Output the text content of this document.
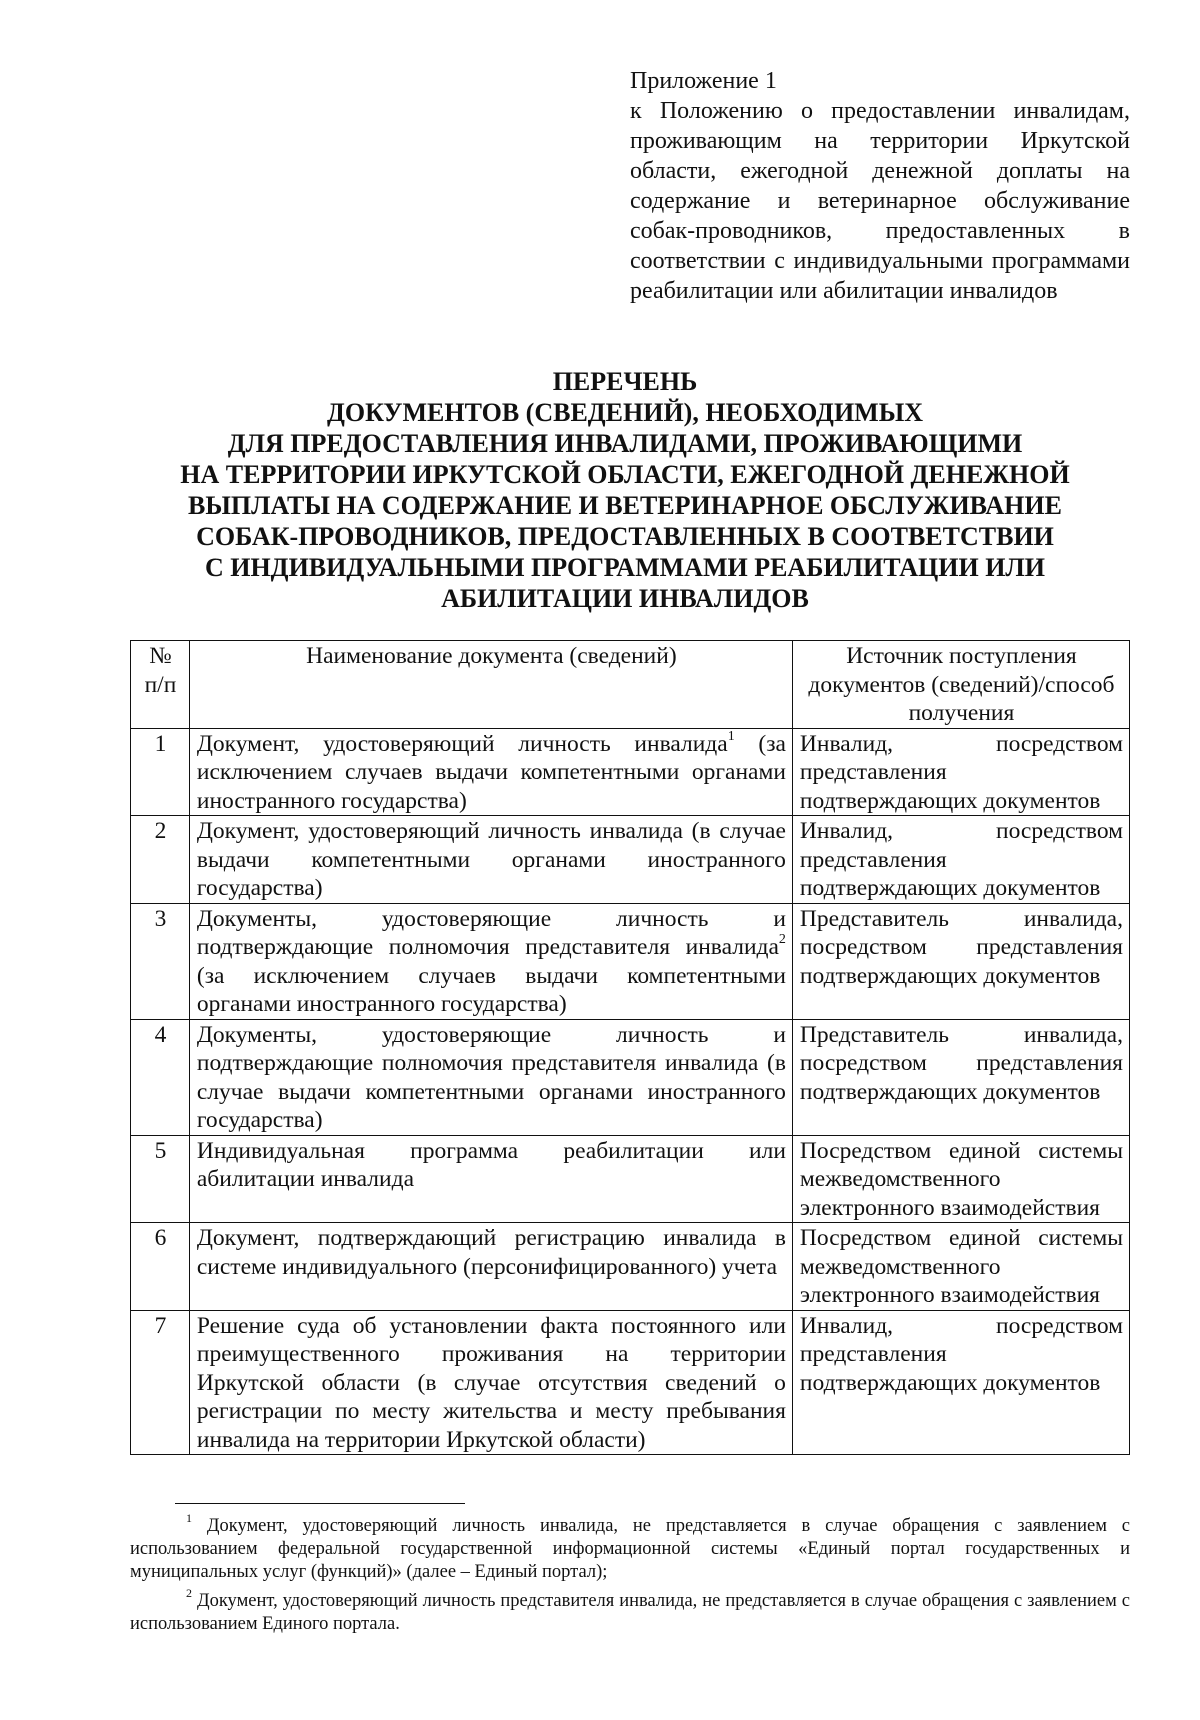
Приложение 1
к Положению о предоставлении инвалидам, проживающим на территории Иркутской области, ежегодной денежной доплаты на содержание и ветеринарное обслуживание собак-проводников, предоставленных в соответствии с индивидуальными программами реабилитации или абилитации инвалидов
ПЕРЕЧЕНЬ
ДОКУМЕНТОВ (СВЕДЕНИЙ), НЕОБХОДИМЫХ
ДЛЯ ПРЕДОСТАВЛЕНИЯ ИНВАЛИДАМИ, ПРОЖИВАЮЩИМИ
НА ТЕРРИТОРИИ ИРКУТСКОЙ ОБЛАСТИ, ЕЖЕГОДНОЙ ДЕНЕЖНОЙ
ВЫПЛАТЫ НА СОДЕРЖАНИЕ И ВЕТЕРИНАРНОЕ ОБСЛУЖИВАНИЕ
СОБАК-ПРОВОДНИКОВ, ПРЕДОСТАВЛЕННЫХ В СООТВЕТСТВИИ
С ИНДИВИДУАЛЬНЫМИ ПРОГРАММАМИ РЕАБИЛИТАЦИИ ИЛИ
АБИЛИТАЦИИ ИНВАЛИДОВ
№ п/п	Наименование документа (сведений)	Источник поступления документов (сведений)/способ получения
1	Документ, удостоверяющий личность инвалида$^1$ (за исключением случаев выдачи компетентными органами иностранного государства)	Инвалид, посредством представления подтверждающих документов
2	Документ, удостоверяющий личность инвалида (в случае выдачи компетентными органами иностранного государства)	Инвалид, посредством представления подтверждающих документов
3	Документы, удостоверяющие личность и подтверждающие полномочия представителя инвалида$^2$ (за исключением случаев выдачи компетентными органами иностранного государства)	Представитель инвалида, посредством представления подтверждающих документов
4	Документы, удостоверяющие личность и подтверждающие полномочия представителя инвалида (в случае выдачи компетентными органами иностранного государства)	Представитель инвалида, посредством представления подтверждающих документов
5	Индивидуальная программа реабилитации или абилитации инвалида	Посредством единой системы межведомственного электронного взаимодействия
6	Документ, подтверждающий регистрацию инвалида в системе индивидуального (персонифицированного) учета	Посредством единой системы межведомственного электронного взаимодействия
7	Решение суда об установлении факта постоянного или преимущественного проживания на территории Иркутской области (в случае отсутствия сведений о регистрации по месту жительства и месту пребывания инвалида на территории Иркутской области)	Инвалид, посредством представления подтверждающих документов

$^1$ Документ, удостоверяющий личность инвалида, не представляется в случае обращения с заявлением с использованием федеральной государственной информационной системы «Единый портал государственных и муниципальных услуг (функций)» (далее – Единый портал);

$^2$ Документ, удостоверяющий личность представителя инвалида, не представляется в случае обращения с заявлением с использованием Единого портала.
